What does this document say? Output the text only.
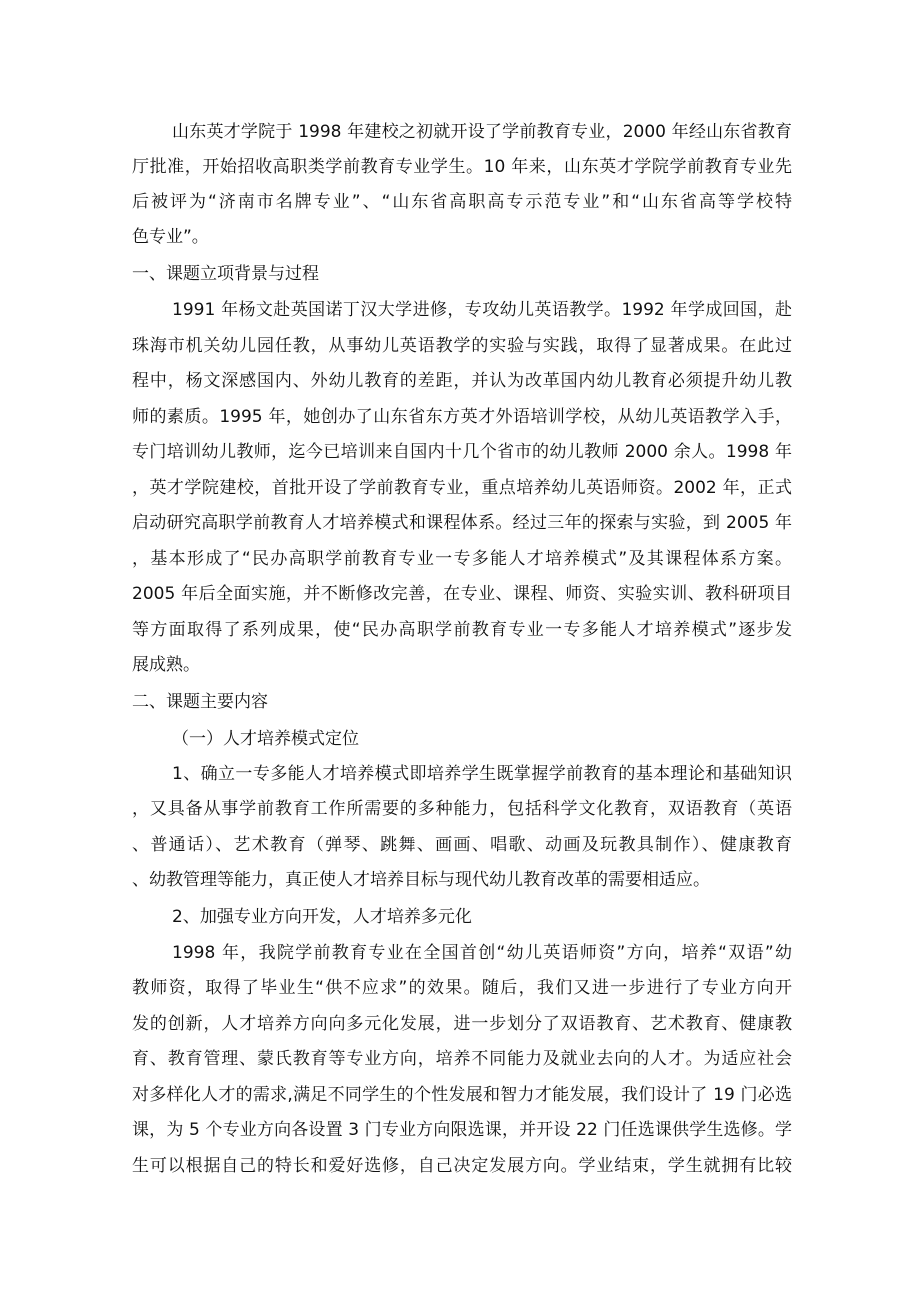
山东英才学院于 1998 年建校之初就开设了学前教育专业，2000 年经山东省教育
厅批准，开始招收高职类学前教育专业学生。10 年来，山东英才学院学前教育专业先
后被评为“济南市名牌专业”、“山东省高职高专示范专业”和“山东省高等学校特
色专业”。
一、课题立项背景与过程
1991 年杨文赴英国诺丁汉大学进修，专攻幼儿英语教学。1992 年学成回国，赴
珠海市机关幼儿园任教，从事幼儿英语教学的实验与实践，取得了显著成果。在此过
程中，杨文深感国内、外幼儿教育的差距，并认为改革国内幼儿教育必须提升幼儿教
师的素质。1995 年，她创办了山东省东方英才外语培训学校，从幼儿英语教学入手，
专门培训幼儿教师，迄今已培训来自国内十几个省市的幼儿教师 2000 余人。1998 年
，英才学院建校，首批开设了学前教育专业，重点培养幼儿英语师资。2002 年，正式
启动研究高职学前教育人才培养模式和课程体系。经过三年的探索与实验，到 2005 年
，基本形成了“民办高职学前教育专业一专多能人才培养模式”及其课程体系方案。
2005 年后全面实施，并不断修改完善，在专业、课程、师资、实验实训、教科研项目
等方面取得了系列成果，使“民办高职学前教育专业一专多能人才培养模式”逐步发
展成熟。
二、课题主要内容
（一）人才培养模式定位
1、确立一专多能人才培养模式即培养学生既掌握学前教育的基本理论和基础知识
，又具备从事学前教育工作所需要的多种能力，包括科学文化教育，双语教育（英语
、普通话）、艺术教育（弹琴、跳舞、画画、唱歌、动画及玩教具制作）、健康教育
、幼教管理等能力，真正使人才培养目标与现代幼儿教育改革的需要相适应。
2、加强专业方向开发，人才培养多元化
1998 年，我院学前教育专业在全国首创“幼儿英语师资”方向，培养“双语”幼
教师资，取得了毕业生“供不应求”的效果。随后，我们又进一步进行了专业方向开
发的创新，人才培养方向向多元化发展，进一步划分了双语教育、艺术教育、健康教
育、教育管理、蒙氏教育等专业方向，培养不同能力及就业去向的人才。为适应社会
对多样化人才的需求,满足不同学生的个性发展和智力才能发展，我们设计了 19 门必选
课，为 5 个专业方向各设置 3 门专业方向限选课，并开设 22 门任选课供学生选修。学
生可以根据自己的特长和爱好选修，自己决定发展方向。学业结束，学生就拥有比较
